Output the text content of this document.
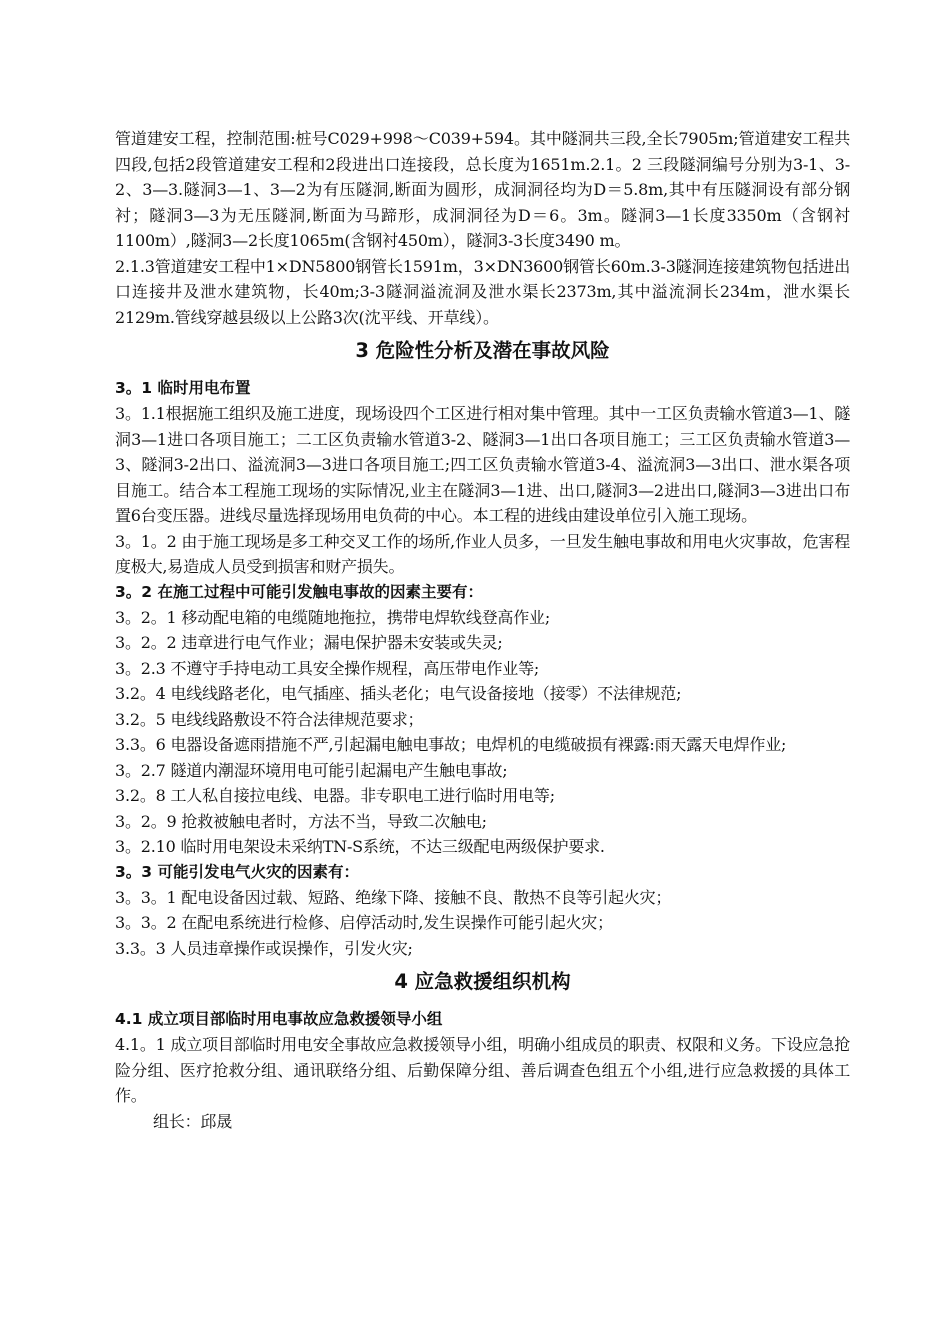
管道建安工程，控制范围:桩号C029+998～C039+594。其中隧洞共三段,全长7905m;管道建安工程共四段,包括2段管道建安工程和2段进出口连接段，总长度为1651m.2.1。2 三段隧洞编号分别为3-1、3-2、3—3.隧洞3—1、3—2为有压隧洞,断面为圆形，成洞洞径均为D＝5.8m,其中有压隧洞设有部分钢衬；隧洞3—3为无压隧洞,断面为马蹄形，成洞洞径为D＝6。3m。隧洞3—1长度3350m（含钢衬1100m）,隧洞3—2长度1065m(含钢衬450m），隧洞3-3长度3490 m。

2.1.3管道建安工程中1×DN5800钢管长1591m，3×DN3600钢管长60m.3-3隧洞连接建筑物包括进出口连接井及泄水建筑物，长40m;3-3隧洞溢流洞及泄水渠长2373m,其中溢流洞长234m，泄水渠长2129m.管线穿越县级以上公路3次(沈平线、开草线）。

3 危险性分析及潜在事故风险
3。1 临时用电布置

3。1.1根据施工组织及施工进度，现场设四个工区进行相对集中管理。其中一工区负责输水管道3—1、隧洞3—1进口各项目施工；二工区负责输水管道3-2、隧洞3—1出口各项目施工；三工区负责输水管道3—3、隧洞3-2出口、溢流洞3—3进口各项目施工;四工区负责输水管道3-4、溢流洞3—3出口、泄水渠各项目施工。结合本工程施工现场的实际情况,业主在隧洞3—1进、出口,隧洞3—2进出口,隧洞3—3进出口布置6台变压器。进线尽量选择现场用电负荷的中心。本工程的进线由建设单位引入施工现场。

3。1。2 由于施工现场是多工种交叉工作的场所,作业人员多，一旦发生触电事故和用电火灾事故，危害程度极大,易造成人员受到损害和财产损失。

3。2 在施工过程中可能引发触电事故的因素主要有：

3。2。1 移动配电箱的电缆随地拖拉，携带电焊软线登高作业;

3。2。2 违章进行电气作业；漏电保护器未安装或失灵;

3。2.3 不遵守手持电动工具安全操作规程，高压带电作业等;

3.2。4 电线线路老化，电气插座、插头老化；电气设备接地（接零）不法律规范;

3.2。5 电线线路敷设不符合法律规范要求；

3.3。6 电器设备遮雨措施不严,引起漏电触电事故；电焊机的电缆破损有裸露:雨天露天电焊作业;

3。2.7 隧道内潮湿环境用电可能引起漏电产生触电事故;

3.2。8 工人私自接拉电线、电器。非专职电工进行临时用电等;

3。2。9 抢救被触电者时，方法不当，导致二次触电;

3。2.10 临时用电架设未采纳TN-S系统，不达三级配电两级保护要求.

3。3 可能引发电气火灾的因素有：

3。3。1 配电设备因过载、短路、绝缘下降、接触不良、散热不良等引起火灾；

3。3。2 在配电系统进行检修、启停活动时,发生误操作可能引起火灾；

3.3。3 人员违章操作或误操作，引发火灾;

4 应急救援组织机构
4.1 成立项目部临时用电事故应急救援领导小组

4.1。1 成立项目部临时用电安全事故应急救援领导小组，明确小组成员的职责、权限和义务。下设应急抢险分组、医疗抢救分组、通讯联络分组、后勤保障分组、善后调查色组五个小组,进行应急救援的具体工作。

组长：邱晟
